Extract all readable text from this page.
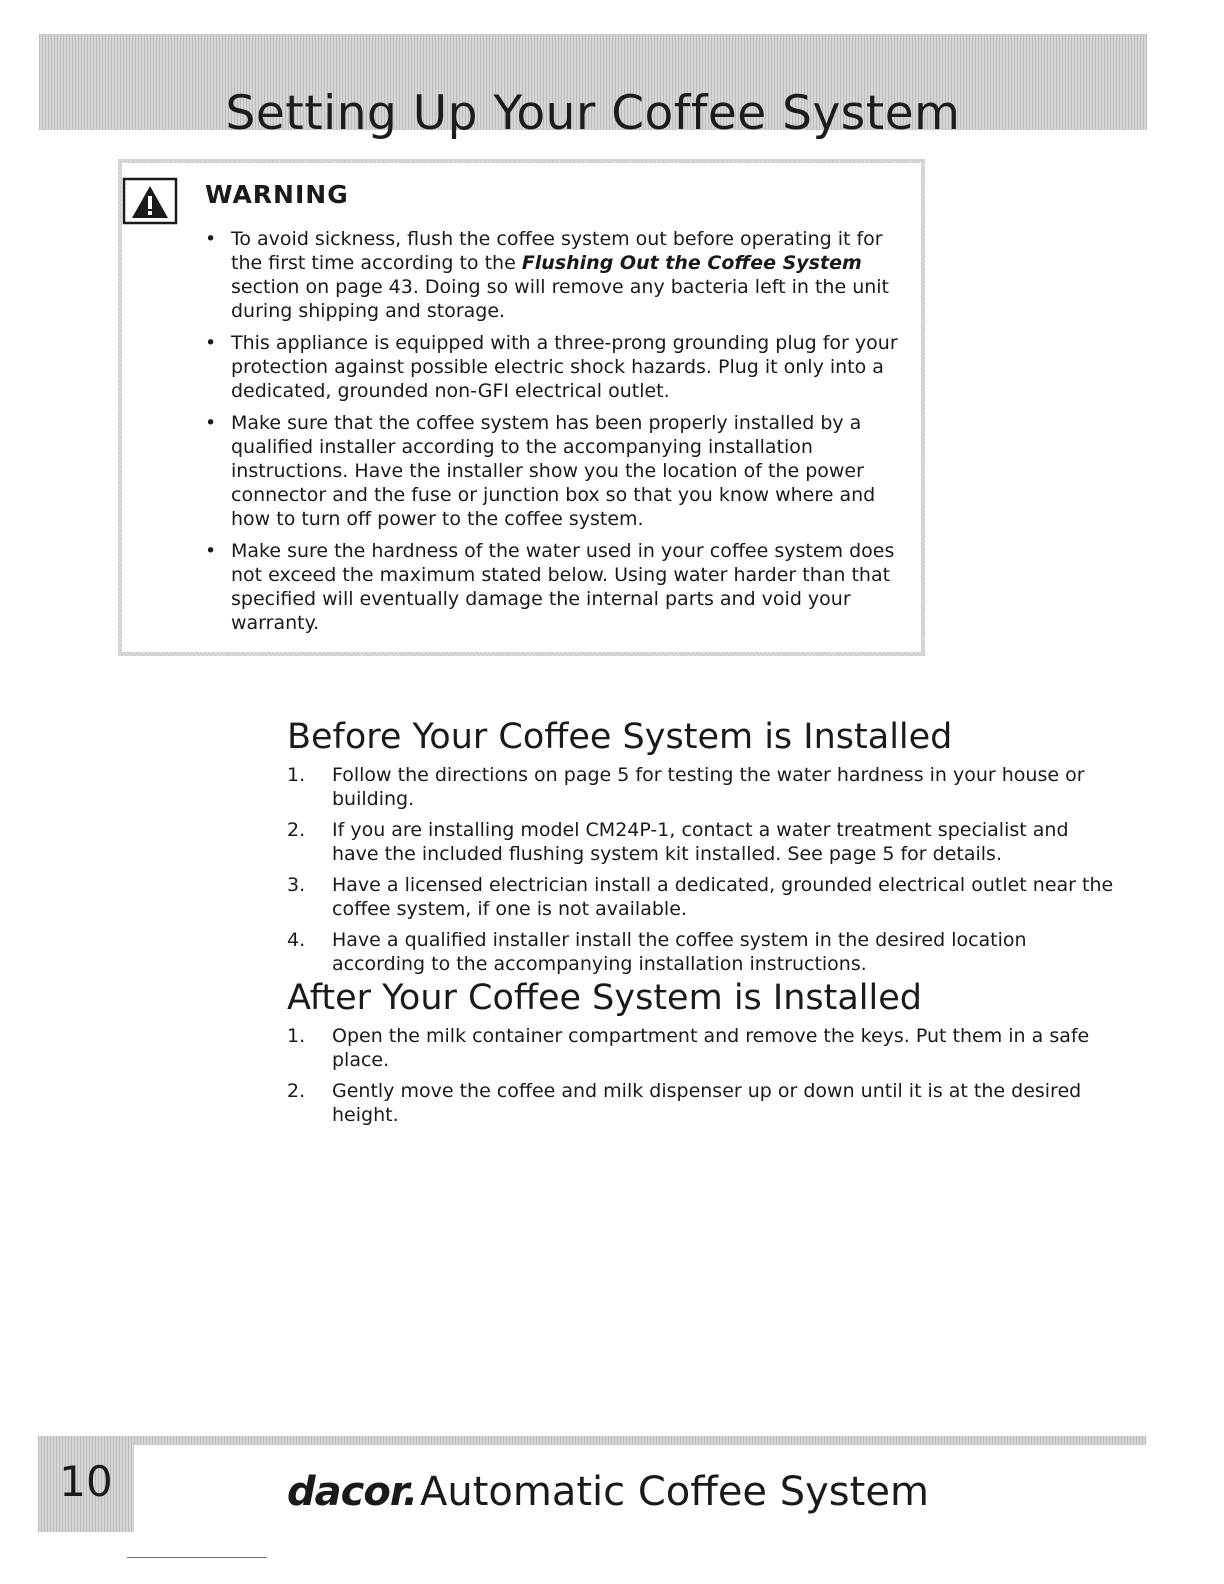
Setting Up Your Coffee System
WARNING
• To avoid sickness, flush the coffee system out before operating it for the first time according to the Flushing Out the Coffee System section on page 43. Doing so will remove any bacteria left in the unit during shipping and storage.
• This appliance is equipped with a three-prong grounding plug for your protection against possible electric shock hazards. Plug it only into a dedicated, grounded non-GFI electrical outlet.
• Make sure that the coffee system has been properly installed by a qualified installer according to the accompanying installation instructions. Have the installer show you the location of the power connector and the fuse or junction box so that you know where and how to turn off power to the coffee system.
• Make sure the hardness of the water used in your coffee system does not exceed the maximum stated below. Using water harder than that specified will eventually damage the internal parts and void your warranty.
Before Your Coffee System is Installed
1.	Follow the directions on page 5 for testing the water hardness in your house or building.
2.	If you are installing model CM24P-1, contact a water treatment specialist and have the included flushing system kit installed. See page 5 for details.
3.	Have a licensed electrician install a dedicated, grounded electrical outlet near the coffee system, if one is not available.
4.	Have a qualified installer install the coffee system in the desired location according to the accompanying installation instructions.
After Your Coffee System is Installed
1.	Open the milk container compartment and remove the keys. Put them in a safe place.
2.	Gently move the coffee and milk dispenser up or down until it is at the desired height.
10	dacor. Automatic Coffee System
